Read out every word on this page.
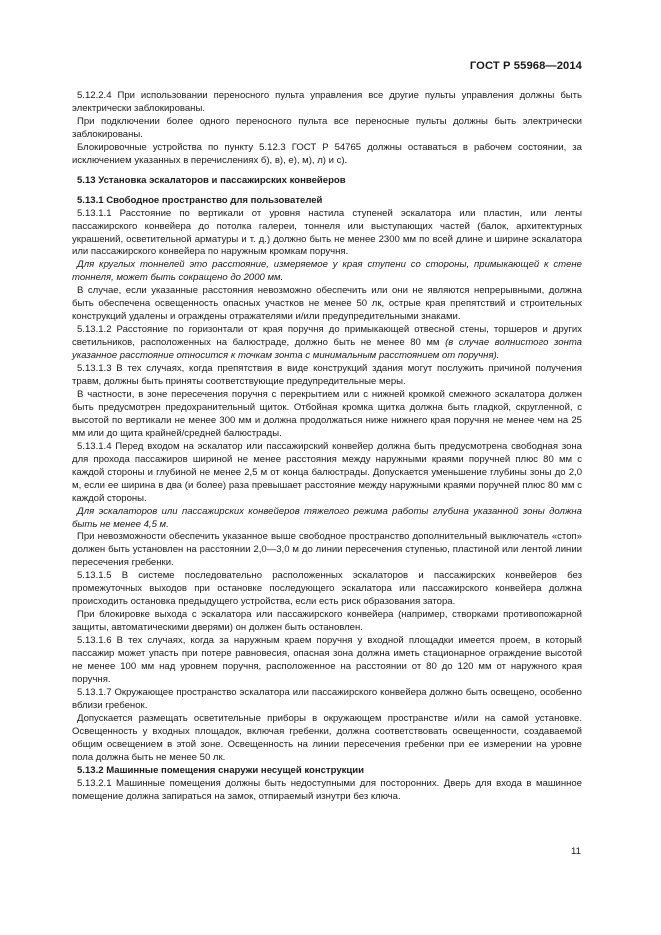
ГОСТ Р 55968—2014

5.12.2.4 При использовании переносного пульта управления все другие пульты управления должны быть электрически заблокированы.

При подключении более одного переносного пульта все переносные пульты должны быть электрически заблокированы.

Блокировочные устройства по пункту 5.12.3 ГОСТ Р 54765 должны оставаться в рабочем состоянии, за исключением указанных в перечислениях б), в), е), м), л) и с).

5.13 Установка эскалаторов и пассажирских конвейеров

5.13.1 Свободное пространство для пользователей

5.13.1.1 Расстояние по вертикали от уровня настила ступеней эскалатора или пластин, или ленты пассажирского конвейера до потолка галереи, тоннеля или выступающих частей (балок, архитектурных украшений, осветительной арматуры и т. д.) должно быть не менее 2300 мм по всей длине и ширине эскалатора или пассажирского конвейера по наружным кромкам поручня.

Для круглых тоннелей это расстояние, измеряемое у края ступени со стороны, примыкающей к стене тоннеля, может быть сокращено до 2000 мм.

В случае, если указанные расстояния невозможно обеспечить или они не являются непрерывными, должна быть обеспечена освещенность опасных участков не менее 50 лк, острые края препятствий и строительных конструкций удалены и ограждены отражателями и/или предупредительными знаками.

5.13.1.2 Расстояние по горизонтали от края поручня до примыкающей отвесной стены, торшеров и других светильников, расположенных на балюстраде, должно быть не менее 80 мм (в случае волнистого зонта указанное расстояние относится к точкам зонта с минимальным расстоянием от поручня).

5.13.1.3 В тех случаях, когда препятствия в виде конструкций здания могут послужить причиной получения травм, должны быть приняты соответствующие предупредительные меры.

В частности, в зоне пересечения поручня с перекрытием или с нижней кромкой смежного эскалатора должен быть предусмотрен предохранительный щиток. Отбойная кромка щитка должна быть гладкой, скругленной, с высотой по вертикали не менее 300 мм и должна продолжаться ниже нижнего края поручня не менее чем на 25 мм или до щита крайней/средней балюстрады.

5.13.1.4 Перед входом на эскалатор или пассажирский конвейер должна быть предусмотрена свободная зона для прохода пассажиров шириной не менее расстояния между наружными краями поручней плюс 80 мм с каждой стороны и глубиной не менее 2,5 м от конца балюстрады. Допускается уменьшение глубины зоны до 2,0 м, если ее ширина в два (и более) раза превышает расстояние между наружными краями поручней плюс 80 мм с каждой стороны.

Для эскалаторов или пассажирских конвейеров тяжелого режима работы глубина указанной зоны должна быть не менее 4,5 м.

При невозможности обеспечить указанное выше свободное пространство дополнительный выключатель «стоп» должен быть установлен на расстоянии 2,0—3,0 м до линии пересечения ступенью, пластиной или лентой линии пересечения гребенки.

5.13.1.5 В системе последовательно расположенных эскалаторов и пассажирских конвейеров без промежуточных выходов при остановке последующего эскалатора или пассажирского конвейера должна происходить остановка предыдущего устройства, если есть риск образования затора.

При блокировке выхода с эскалатора или пассажирского конвейера (например, створками противопожарной защиты, автоматическими дверями) он должен быть остановлен.

5.13.1.6 В тех случаях, когда за наружным краем поручня у входной площадки имеется проем, в который пассажир может упасть при потере равновесия, опасная зона должна иметь стационарное ограждение высотой не менее 100 мм над уровнем поручня, расположенное на расстоянии от 80 до 120 мм от наружного края поручня.

5.13.1.7 Окружающее пространство эскалатора или пассажирского конвейера должно быть освещено, особенно вблизи гребенок.

Допускается размещать осветительные приборы в окружающем пространстве и/или на самой установке. Освещенность у входных площадок, включая гребенки, должна соответствовать освещенности, создаваемой общим освещением в этой зоне. Освещенность на линии пересечения гребенки при ее измерении на уровне пола должна быть не менее 50 лк.

5.13.2 Машинные помещения снаружи несущей конструкции

5.13.2.1 Машинные помещения должны быть недоступными для посторонних. Дверь для входа в машинное помещение должна запираться на замок, отпираемый изнутри без ключа.

11
